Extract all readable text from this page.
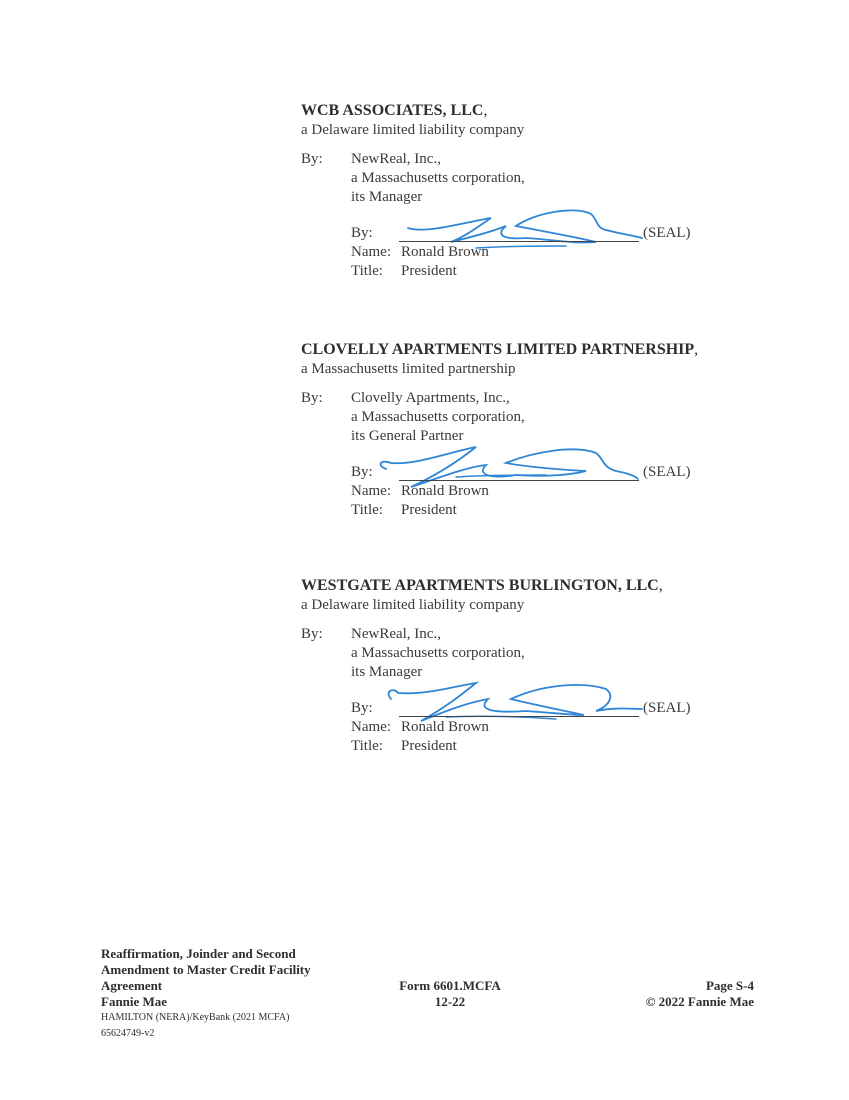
WCB ASSOCIATES, LLC,
a Delaware limited liability company
By: NewReal, Inc.,
a Massachusetts corporation,
its Manager
By:	(SEAL)
Name: Ronald Brown
Title: President
CLOVELLY APARTMENTS LIMITED PARTNERSHIP,
a Massachusetts limited partnership
By: Clovelly Apartments, Inc.,
a Massachusetts corporation,
its General Partner
By:	(SEAL)
Name: Ronald Brown
Title: President
WESTGATE APARTMENTS BURLINGTON, LLC,
a Delaware limited liability company
By: NewReal, Inc.,
a Massachusetts corporation,
its Manager
By:	(SEAL)
Name: Ronald Brown
Title: President
Reaffirmation, Joinder and Second
Amendment to Master Credit Facility
Agreement
Fannie Mae
HAMILTON (NERA)/KeyBank (2021 MCFA)
65624749-v2
Form 6601.MCFA
12-22
Page S-4
© 2022 Fannie Mae
